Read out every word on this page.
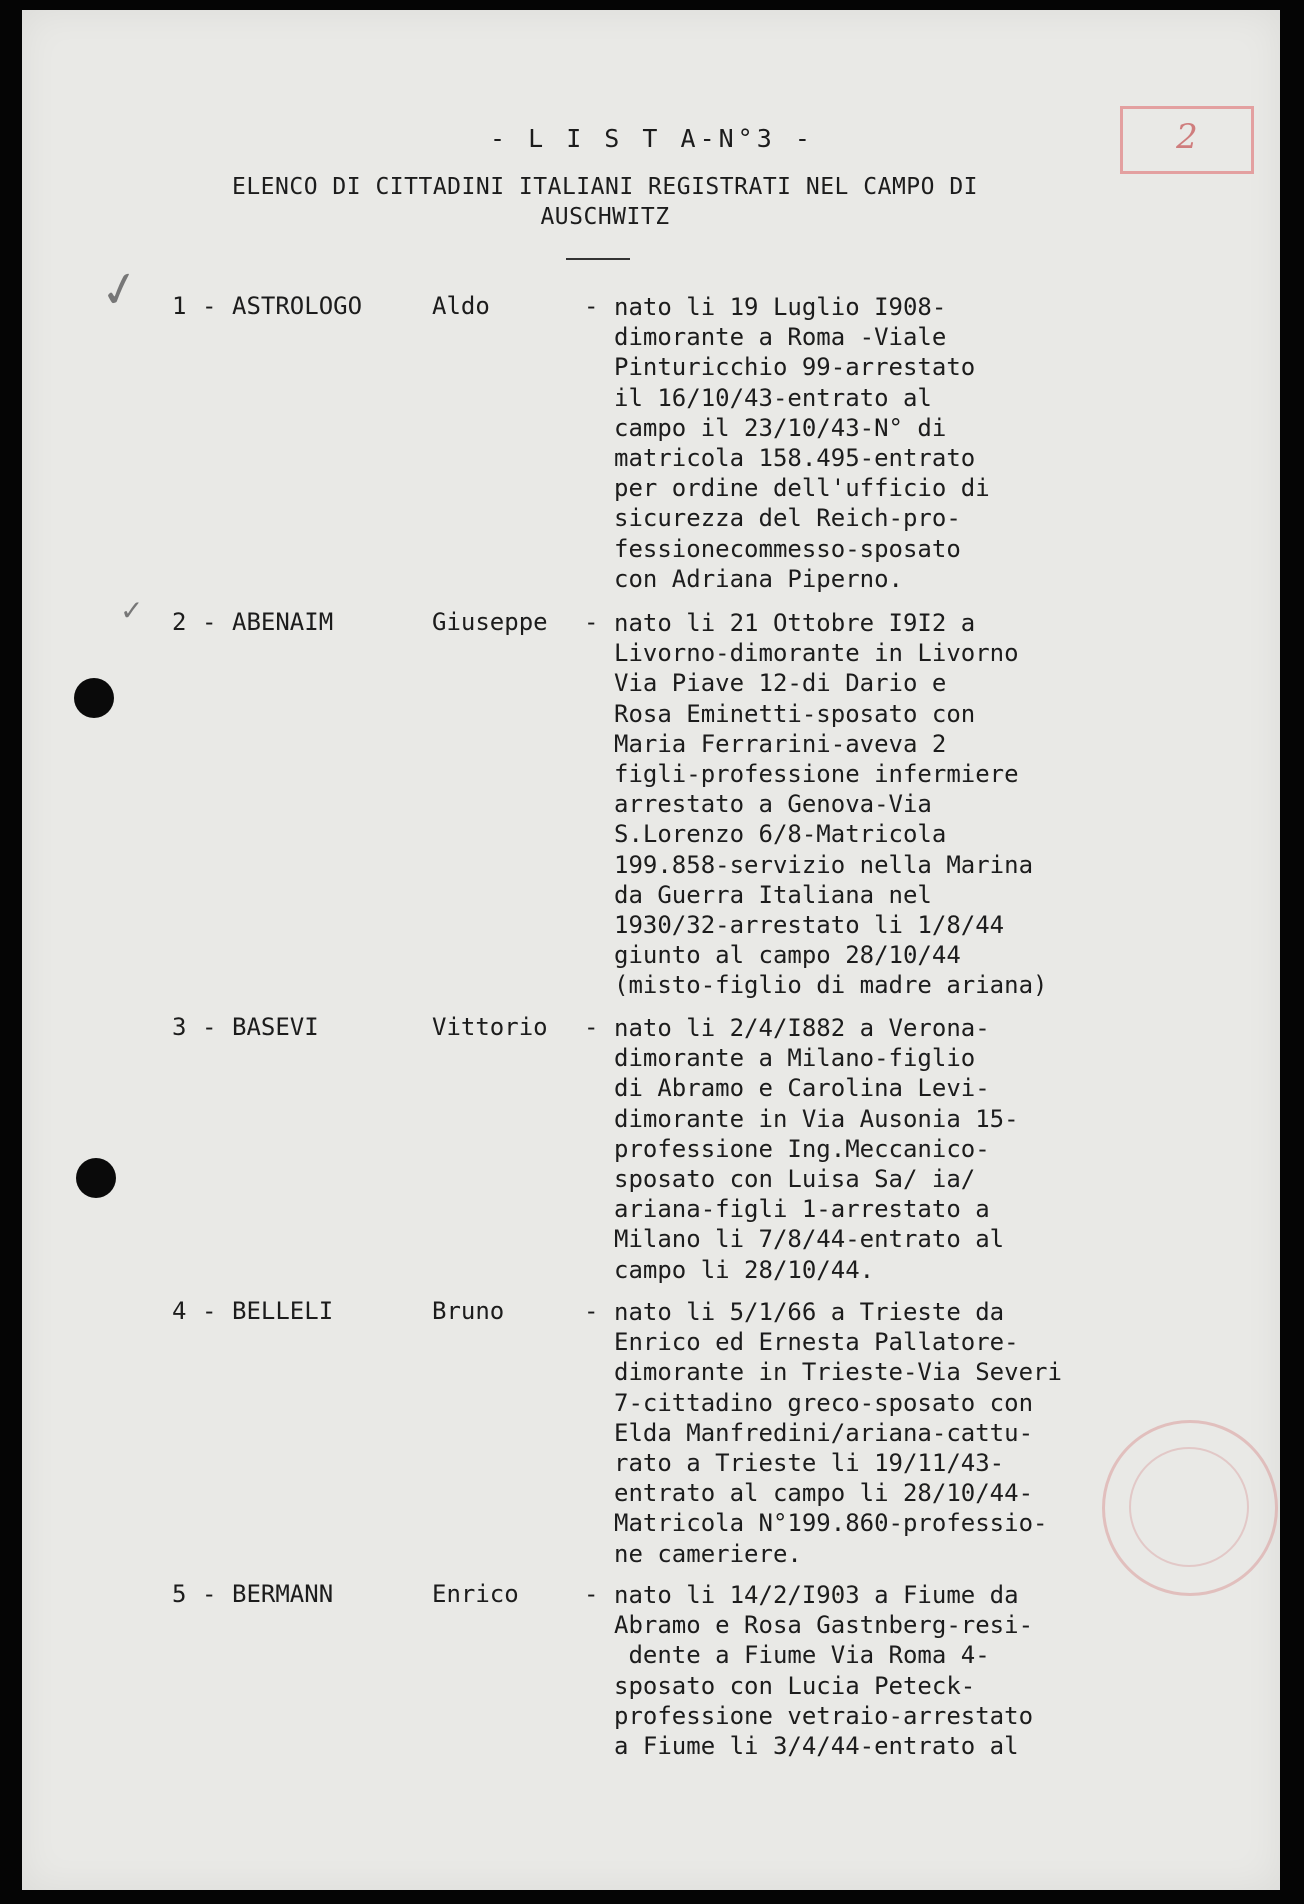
2
✓
✓
- L I S T A-N°3 -
ELENCO DI CITTADINI ITALIANI REGISTRATI NEL CAMPO DI
AUSCHWITZ
1 - ASTROLOGO	Aldo	- nato li 19 Luglio I908-
dimorante a Roma -Viale
Pinturicchio 99-arrestato
il 16/10/43-entrato al
campo il 23/10/43-N° di
matricola 158.495-entrato
per ordine dell'ufficio di
sicurezza del Reich-pro-
fessionecommesso-sposato
con Adriana Piperno.
2 - ABENAIM	Giuseppe - nato li 21 Ottobre I9I2 a
Livorno-dimorante in Livorno
Via Piave 12-di Dario e
Rosa Eminetti-sposato con
Maria Ferrarini-aveva 2
figli-professione infermiere
arrestato a Genova-Via
S.Lorenzo 6/8-Matricola
199.858-servizio nella Marina
da Guerra Italiana nel
1930/32-arrestato li 1/8/44
giunto al campo 28/10/44
(misto-figlio di madre ariana)
3 - BASEVI	Vittorio - nato li 2/4/I882 a Verona-
dimorante a Milano-figlio
di Abramo e Carolina Levi-
dimorante in Via Ausonia 15-
professione Ing.Meccanico-
sposato con Luisa Sa/ ia/
ariana-figli 1-arrestato a
Milano li 7/8/44-entrato al
campo li 28/10/44.
4 - BELLELI	Bruno	- nato li 5/1/66 a Trieste da
Enrico ed Ernesta Pallatore-
dimorante in Trieste-Via Severi
7-cittadino greco-sposato con
Elda Manfredini/ariana-cattu-
rato a Trieste li 19/11/43-
entrato al campo li 28/10/44-
Matricola N°199.860-professio-
ne cameriere.
5 - BERMANN	Enrico	- nato li 14/2/I903 a Fiume da
Abramo e Rosa Gastnberg-resi-
dente a Fiume Via Roma 4-
sposato con Lucia Peteck-
professione vetraio-arrestato
a Fiume li 3/4/44-entrato al
